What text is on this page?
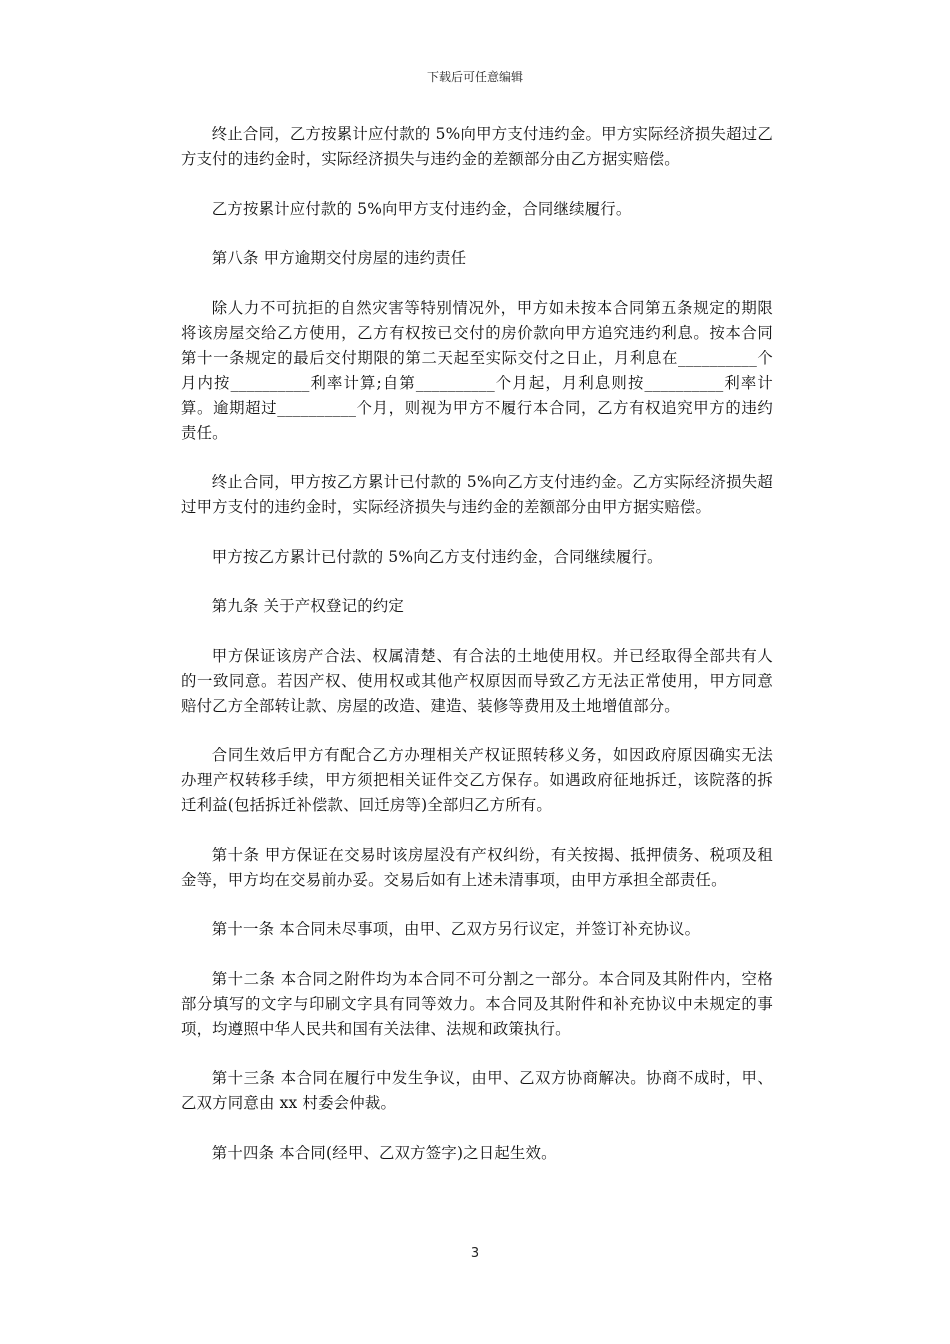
下载后可任意编辑

终止合同，乙方按累计应付款的 5%向甲方支付违约金。甲方实际经济损失超过乙方支付的违约金时，实际经济损失与违约金的差额部分由乙方据实赔偿。

乙方按累计应付款的 5%向甲方支付违约金，合同继续履行。

第八条 甲方逾期交付房屋的违约责任

除人力不可抗拒的自然灾害等特别情况外，甲方如未按本合同第五条规定的期限将该房屋交给乙方使用，乙方有权按已交付的房价款向甲方追究违约利息。按本合同第十一条规定的最后交付期限的第二天起至实际交付之日止，月利息在__________个月内按__________利率计算;自第__________个月起，月利息则按__________利率计算。逾期超过__________个月，则视为甲方不履行本合同，乙方有权追究甲方的违约责任。

终止合同，甲方按乙方累计已付款的 5%向乙方支付违约金。乙方实际经济损失超过甲方支付的违约金时，实际经济损失与违约金的差额部分由甲方据实赔偿。

甲方按乙方累计已付款的 5%向乙方支付违约金，合同继续履行。

第九条 关于产权登记的约定

甲方保证该房产合法、权属清楚、有合法的土地使用权。并已经取得全部共有人的一致同意。若因产权、使用权或其他产权原因而导致乙方无法正常使用，甲方同意赔付乙方全部转让款、房屋的改造、建造、装修等费用及土地增值部分。

合同生效后甲方有配合乙方办理相关产权证照转移义务，如因政府原因确实无法办理产权转移手续，甲方须把相关证件交乙方保存。如遇政府征地拆迁，该院落的拆迁利益(包括拆迁补偿款、回迁房等)全部归乙方所有。

第十条 甲方保证在交易时该房屋没有产权纠纷，有关按揭、抵押债务、税项及租金等，甲方均在交易前办妥。交易后如有上述未清事项，由甲方承担全部责任。

第十一条 本合同未尽事项，由甲、乙双方另行议定，并签订补充协议。

第十二条 本合同之附件均为本合同不可分割之一部分。本合同及其附件内，空格部分填写的文字与印刷文字具有同等效力。本合同及其附件和补充协议中未规定的事项，均遵照中华人民共和国有关法律、法规和政策执行。

第十三条 本合同在履行中发生争议，由甲、乙双方协商解决。协商不成时，甲、乙双方同意由 xx 村委会仲裁。

第十四条 本合同(经甲、乙双方签字)之日起生效。

3
